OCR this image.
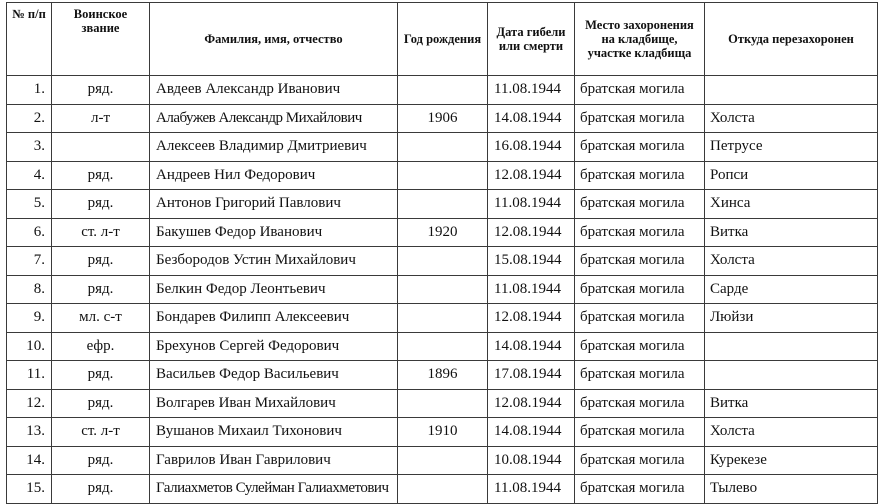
№ п/п	Воинское звание	Фамилия, имя, отчество	Год рождения	Дата гибели или смерти	Место захоронения на кладбище, участке кладбища	Откуда перезахоронен
1.	ряд.	Авдеев Александр Иванович		11.08.1944	братская могила	
2.	л-т	Алабужев Александр Михайлович	1906	14.08.1944	братская могила	Холста
3.		Алексеев Владимир Дмитриевич		16.08.1944	братская могила	Петрусе
4.	ряд.	Андреев Нил Федорович		12.08.1944	братская могила	Ропси
5.	ряд.	Антонов Григорий Павлович		11.08.1944	братская могила	Хинса
6.	ст. л-т	Бакушев Федор Иванович	1920	12.08.1944	братская могила	Витка
7.	ряд.	Безбородов Устин Михайлович		15.08.1944	братская могила	Холста
8.	ряд.	Белкин Федор Леонтьевич		11.08.1944	братская могила	Сарде
9.	мл. с-т	Бондарев Филипп Алексеевич		12.08.1944	братская могила	Люйзи
10.	ефр.	Брехунов Сергей Федорович		14.08.1944	братская могила	
11.	ряд.	Васильев Федор Васильевич	1896	17.08.1944	братская могила	
12.	ряд.	Волгарев Иван Михайлович		12.08.1944	братская могила	Витка
13.	ст. л-т	Вушанов Михаил Тихонович	1910	14.08.1944	братская могила	Холста
14.	ряд.	Гаврилов Иван Гаврилович		10.08.1944	братская могила	Курекезе
15.	ряд.	Галиахметов Сулейман Галиахметович		11.08.1944	братская могила	Тылево
